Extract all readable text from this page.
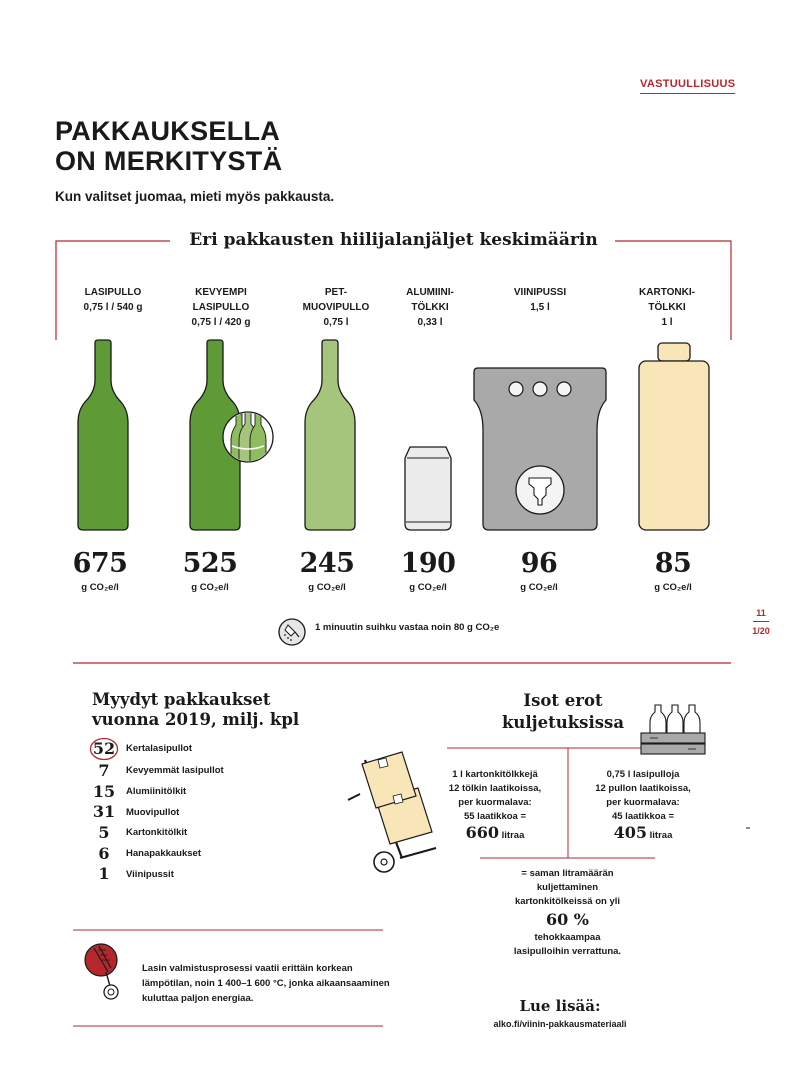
VASTUULLISUUS
PAKKAUKSELLA
ON MERKITYSTÄ
Kun valitset juomaa, mieti myös pakkausta.
Eri pakkausten hiilijalanjäljet keskimäärin
LASIPULLO
0,75 l / 540 g
KEVYEMPI
LASIPULLO
0,75 l / 420 g
PET-
MUOVIPULLO
0,75 l
ALUMIINI-
TÖLKKI
0,33 l
VIINIPUSSI
1,5 l
KARTONKI-
TÖLKKI
1 l
675
g CO₂e/l
525
g CO₂e/l
245
g CO₂e/l
190
g CO₂e/l
96
g CO₂e/l
85
g CO₂e/l
1 minuutin suihku vastaa noin 80 g CO₂e
11
1/20
Myydyt pakkaukset
vuonna 2019, milj. kpl
52	Kertalasipullot
7	Kevyemmät lasipullot
15	Alumiinitölkit
31	Muovipullot
5	Kartonkitölkit
6	Hanapakkaukset
1	Viinipussit
Isot erot
kuljetuksissa
1 l kartonkitölkkejä
12 tölkin laatikoissa,
per kuormalava:
55 laatikkoa =
660 litraa
0,75 l lasipulloja
12 pullon laatikoissa,
per kuormalava:
45 laatikkoa =
405 litraa
= saman litramäärän
kuljettaminen
kartonkitölkeissä on yli
60 %
tehokkaampaa
lasipulloihin verrattuna.
Lasin valmistusprosessi vaatii erittäin korkean lämpötilan, noin 1 400–1 600 °C, jonka aikaansaaminen kuluttaa paljon energiaa.	Lue lisää:
alko.fi/viinin-pakkausmateriaali
